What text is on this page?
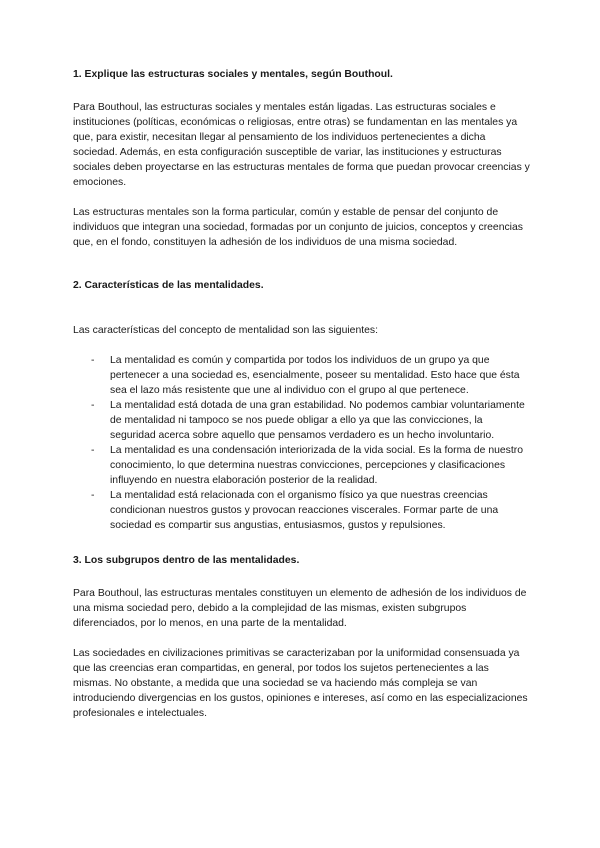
1. Explique las estructuras sociales y mentales, según Bouthoul.

Para Bouthoul, las estructuras sociales y mentales están ligadas. Las estructuras sociales e instituciones (políticas, económicas o religiosas, entre otras) se fundamentan en las mentales ya que, para existir, necesitan llegar al pensamiento de los individuos pertenecientes a dicha sociedad. Además, en esta configuración susceptible de variar, las instituciones y estructuras sociales deben proyectarse en las estructuras mentales de forma que puedan provocar creencias y emociones.

Las estructuras mentales son la forma particular, común y estable de pensar del conjunto de individuos que integran una sociedad, formadas por un conjunto de juicios, conceptos y creencias que, en el fondo, constituyen la adhesión de los individuos de una misma sociedad.

2. Características de las mentalidades.

Las características del concepto de mentalidad son las siguientes:

- La mentalidad es común y compartida por todos los individuos de un grupo ya que pertenecer a una sociedad es, esencialmente, poseer su mentalidad. Esto hace que ésta sea el lazo más resistente que une al individuo con el grupo al que pertenece.
- La mentalidad está dotada de una gran estabilidad. No podemos cambiar voluntariamente de mentalidad ni tampoco se nos puede obligar a ello ya que las convicciones, la seguridad acerca sobre aquello que pensamos verdadero es un hecho involuntario.
- La mentalidad es una condensación interiorizada de la vida social. Es la forma de nuestro conocimiento, lo que determina nuestras convicciones, percepciones y clasificaciones influyendo en nuestra elaboración posterior de la realidad.
- La mentalidad está relacionada con el organismo físico ya que nuestras creencias condicionan nuestros gustos y provocan reacciones viscerales. Formar parte de una sociedad es compartir sus angustias, entusiasmos, gustos y repulsiones.
3. Los subgrupos dentro de las mentalidades.

Para Bouthoul, las estructuras mentales constituyen un elemento de adhesión de los individuos de una misma sociedad pero, debido a la complejidad de las mismas, existen subgrupos diferenciados, por lo menos, en una parte de la mentalidad.

Las sociedades en civilizaciones primitivas se caracterizaban por la uniformidad consensuada ya que las creencias eran compartidas, en general, por todos los sujetos pertenecientes a las mismas. No obstante, a medida que una sociedad se va haciendo más compleja se van introduciendo divergencias en los gustos, opiniones e intereses, así como en las especializaciones profesionales e intelectuales.
